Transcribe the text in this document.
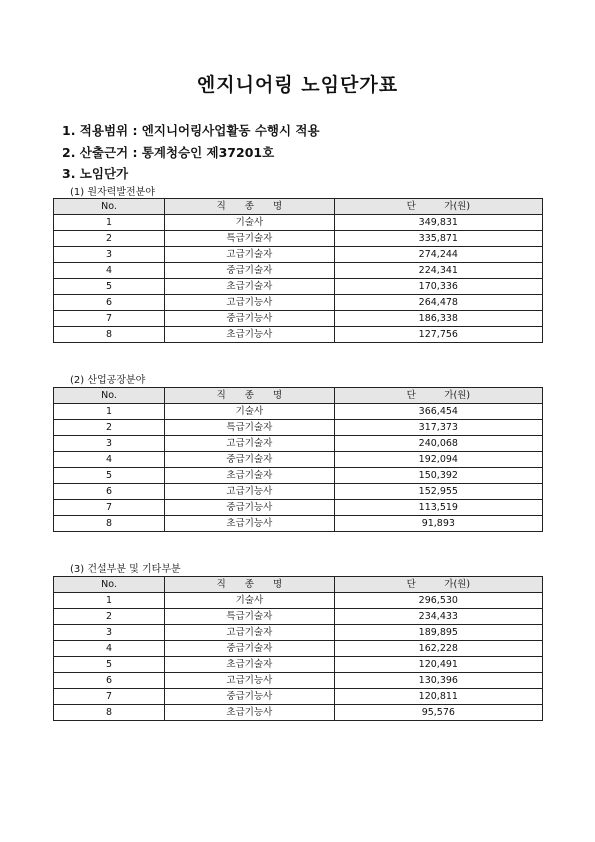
엔지니어링 노임단가표
1. 적용범위 : 엔지니어링사업활동 수행시 적용
2. 산출근거 : 통계청승인 제37201호
3. 노임단가
(1) 원자력발전분야
No.	직　　종　　명	단　　　가(원)
1	기술사	349,831
2	특급기술자	335,871
3	고급기술자	274,244
4	중급기술자	224,341
5	초급기술자	170,336
6	고급기능사	264,478
7	중급기능사	186,338
8	초급기능사	127,756
(2) 산업공장분야
No.	직　　종　　명	단　　　가(원)
1	기술사	366,454
2	특급기술자	317,373
3	고급기술자	240,068
4	중급기술자	192,094
5	초급기술자	150,392
6	고급기능사	152,955
7	중급기능사	113,519
8	초급기능사	91,893
(3) 건설부분 및 기타부분
No.	직　　종　　명	단　　　가(원)
1	기술사	296,530
2	특급기술자	234,433
3	고급기술자	189,895
4	중급기술자	162,228
5	초급기술자	120,491
6	고급기능사	130,396
7	중급기능사	120,811
8	초급기능사	95,576
